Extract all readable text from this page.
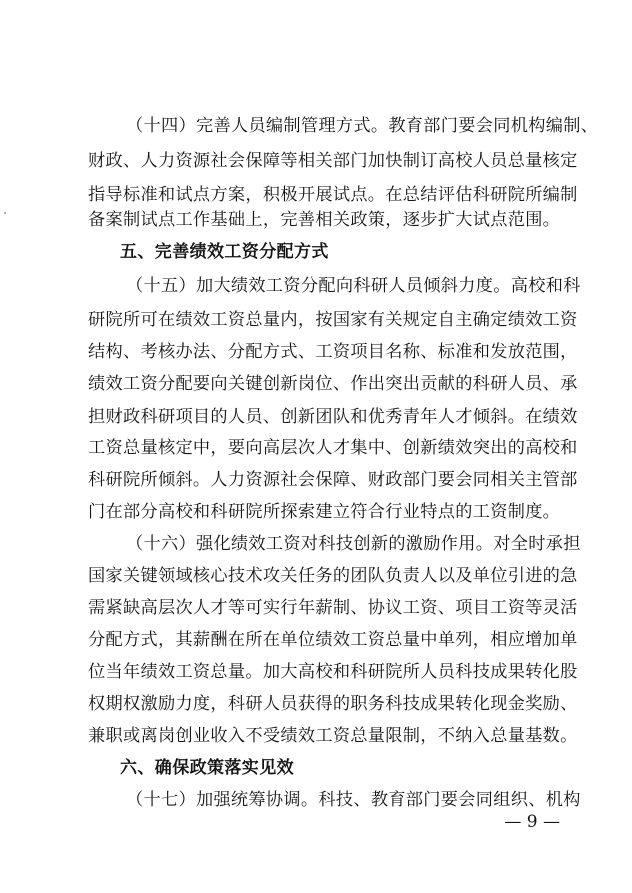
（十四）完善人员编制管理方式。教育部门要会同机构编制、
财政、人力资源社会保障等相关部门加快制订高校人员总量核定
指导标准和试点方案，积极开展试点。在总结评估科研院所编制
备案制试点工作基础上，完善相关政策，逐步扩大试点范围。
五、完善绩效工资分配方式
（十五）加大绩效工资分配向科研人员倾斜力度。高校和科
研院所可在绩效工资总量内，按国家有关规定自主确定绩效工资
结构、考核办法、分配方式、工资项目名称、标准和发放范围，
绩效工资分配要向关键创新岗位、作出突出贡献的科研人员、承
担财政科研项目的人员、创新团队和优秀青年人才倾斜。在绩效
工资总量核定中，要向高层次人才集中、创新绩效突出的高校和
科研院所倾斜。人力资源社会保障、财政部门要会同相关主管部
门在部分高校和科研院所探索建立符合行业特点的工资制度。
（十六）强化绩效工资对科技创新的激励作用。对全时承担
国家关键领域核心技术攻关任务的团队负责人以及单位引进的急
需紧缺高层次人才等可实行年薪制、协议工资、项目工资等灵活
分配方式，其薪酬在所在单位绩效工资总量中单列，相应增加单
位当年绩效工资总量。加大高校和科研院所人员科技成果转化股
权期权激励力度，科研人员获得的职务科技成果转化现金奖励、
兼职或离岗创业收入不受绩效工资总量限制，不纳入总量基数。
六、确保政策落实见效
（十七）加强统筹协调。科技、教育部门要会同组织、机构
— 9 —
